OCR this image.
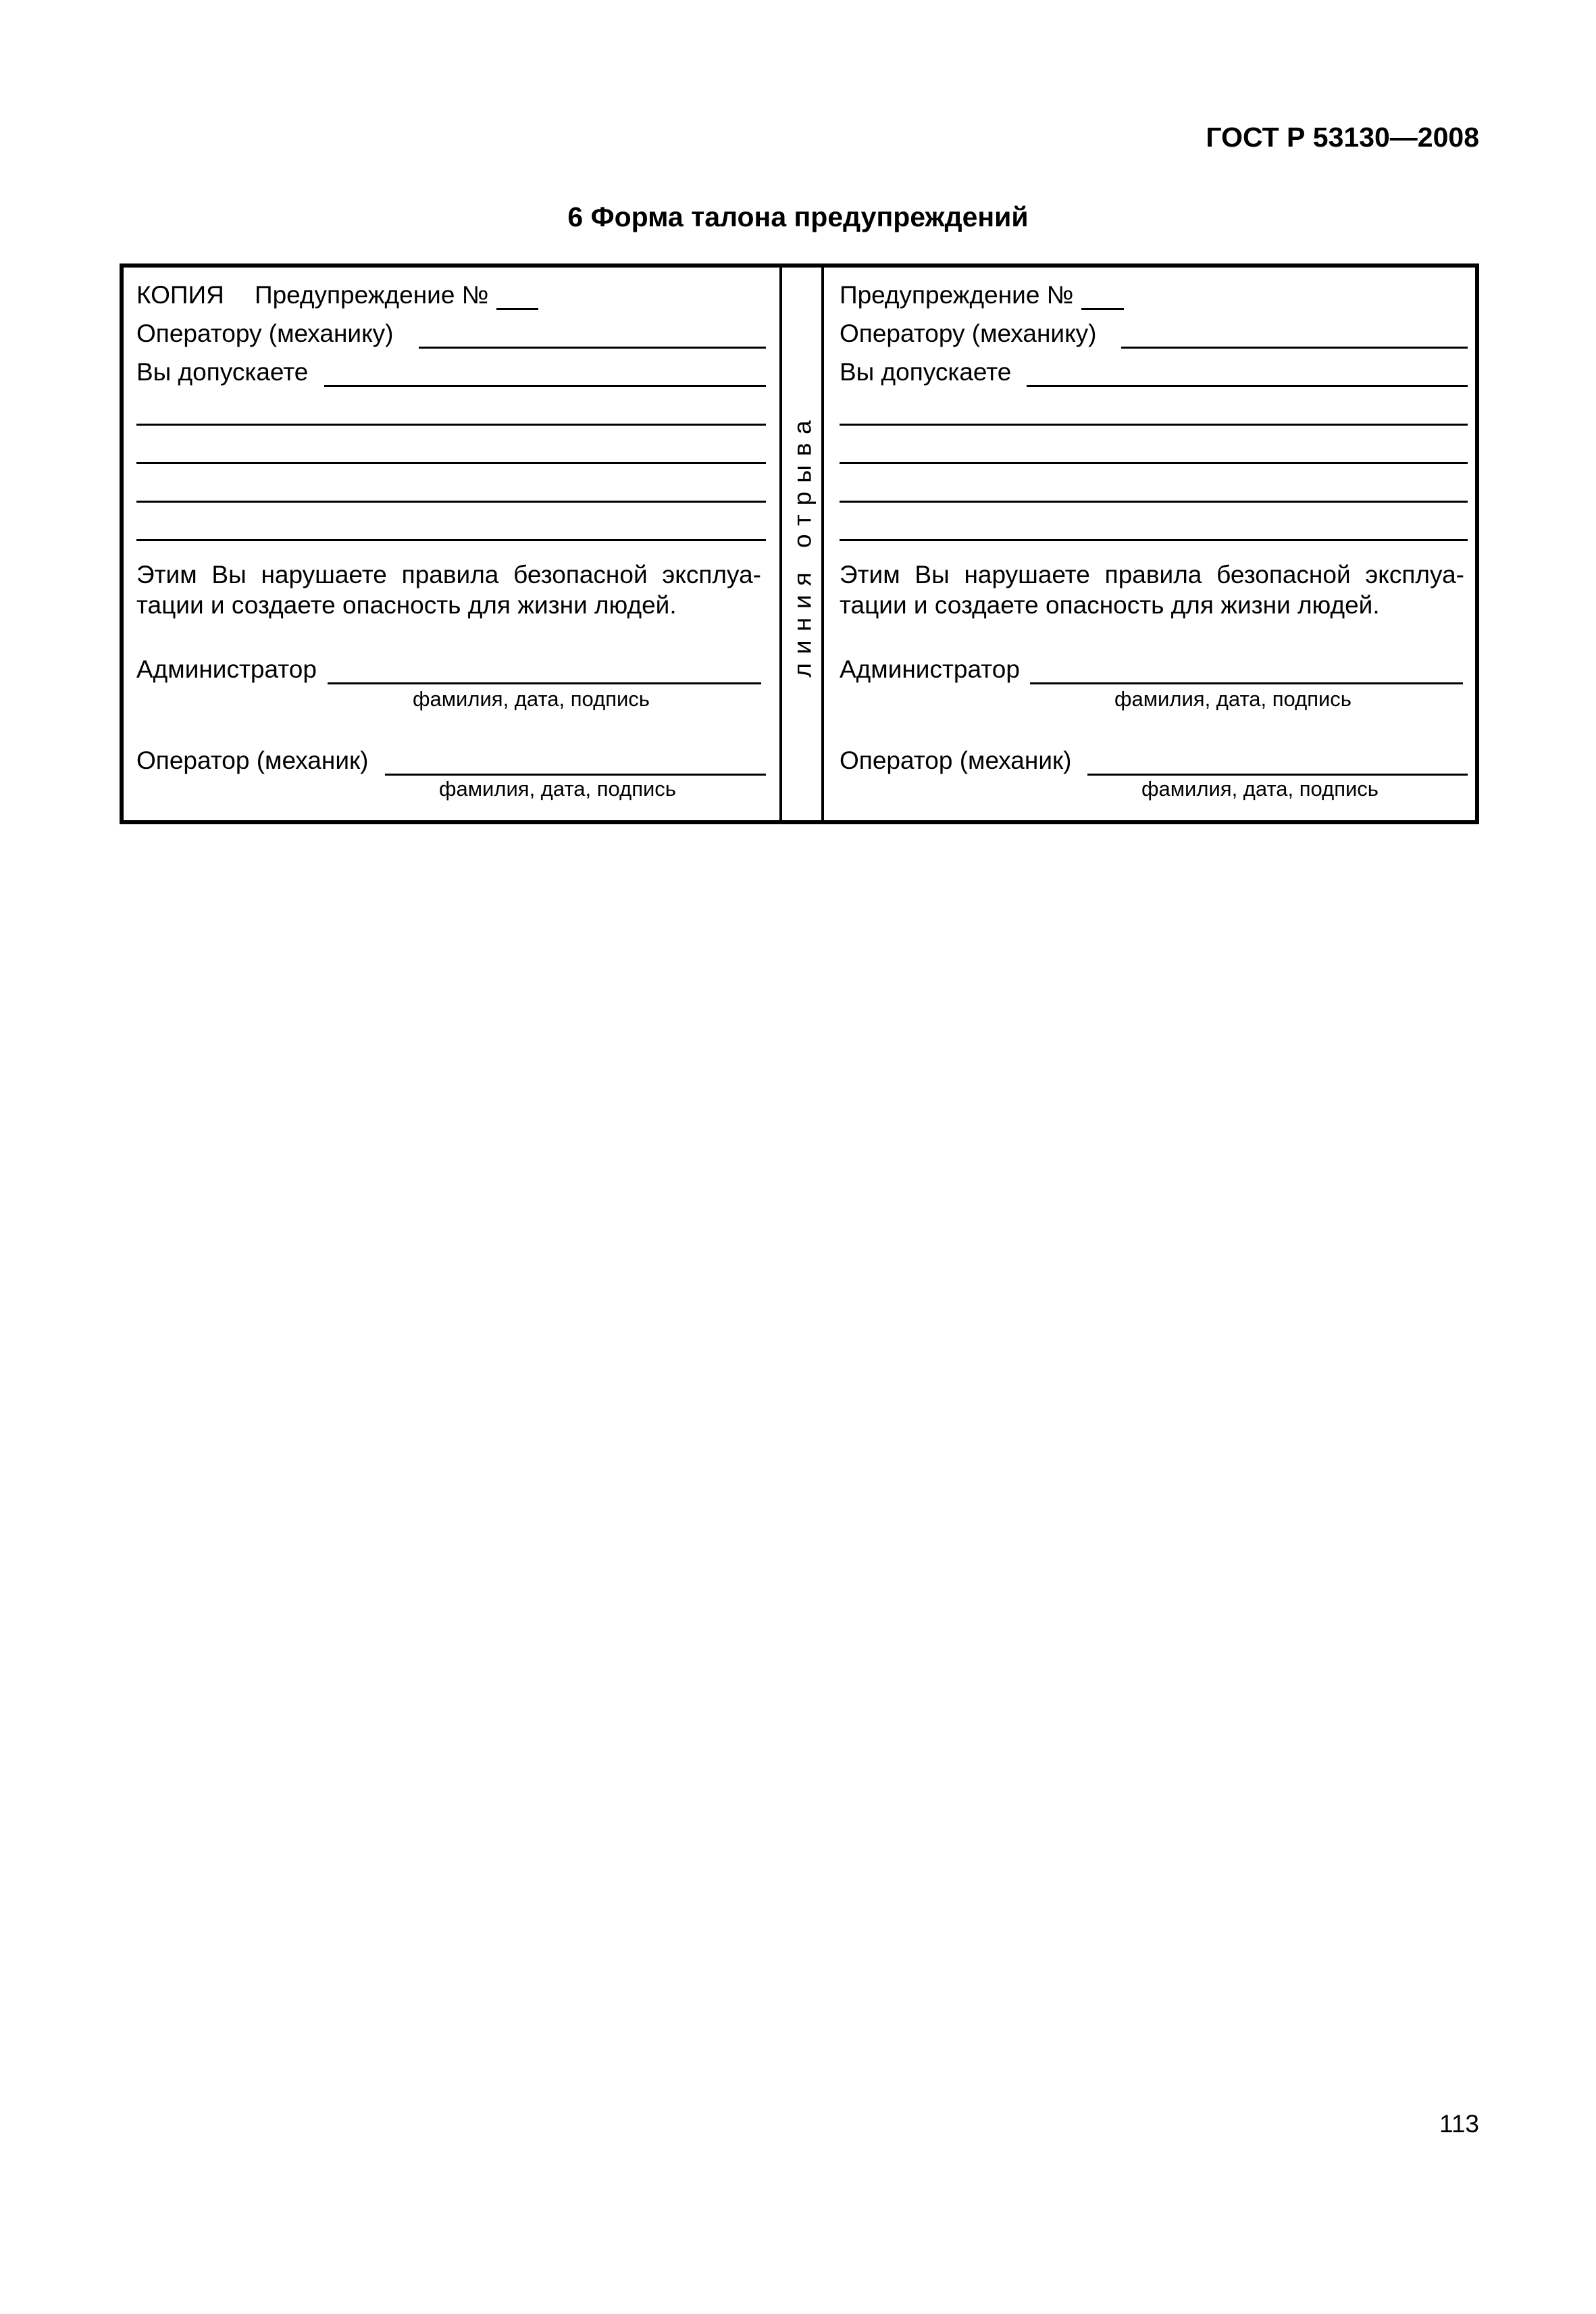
ГОСТ Р 53130—2008
6 Форма талона предупреждений
КОПИЯ Предупреждение №
Оператору (механику)
Вы допускаете
Этим Вы нарушаете правила безопасной эксплуа-тации и создаете опасность для жизни людей.
Администратор
фамилия, дата, подпись
Оператор (механик)
фамилия, дата, подпись
линия отрыва
Предупреждение №
Оператору (механику)
Вы допускаете
Этим Вы нарушаете правила безопасной эксплуа-тации и создаете опасность для жизни людей.
Администратор
фамилия, дата, подпись
Оператор (механик)
фамилия, дата, подпись
113
